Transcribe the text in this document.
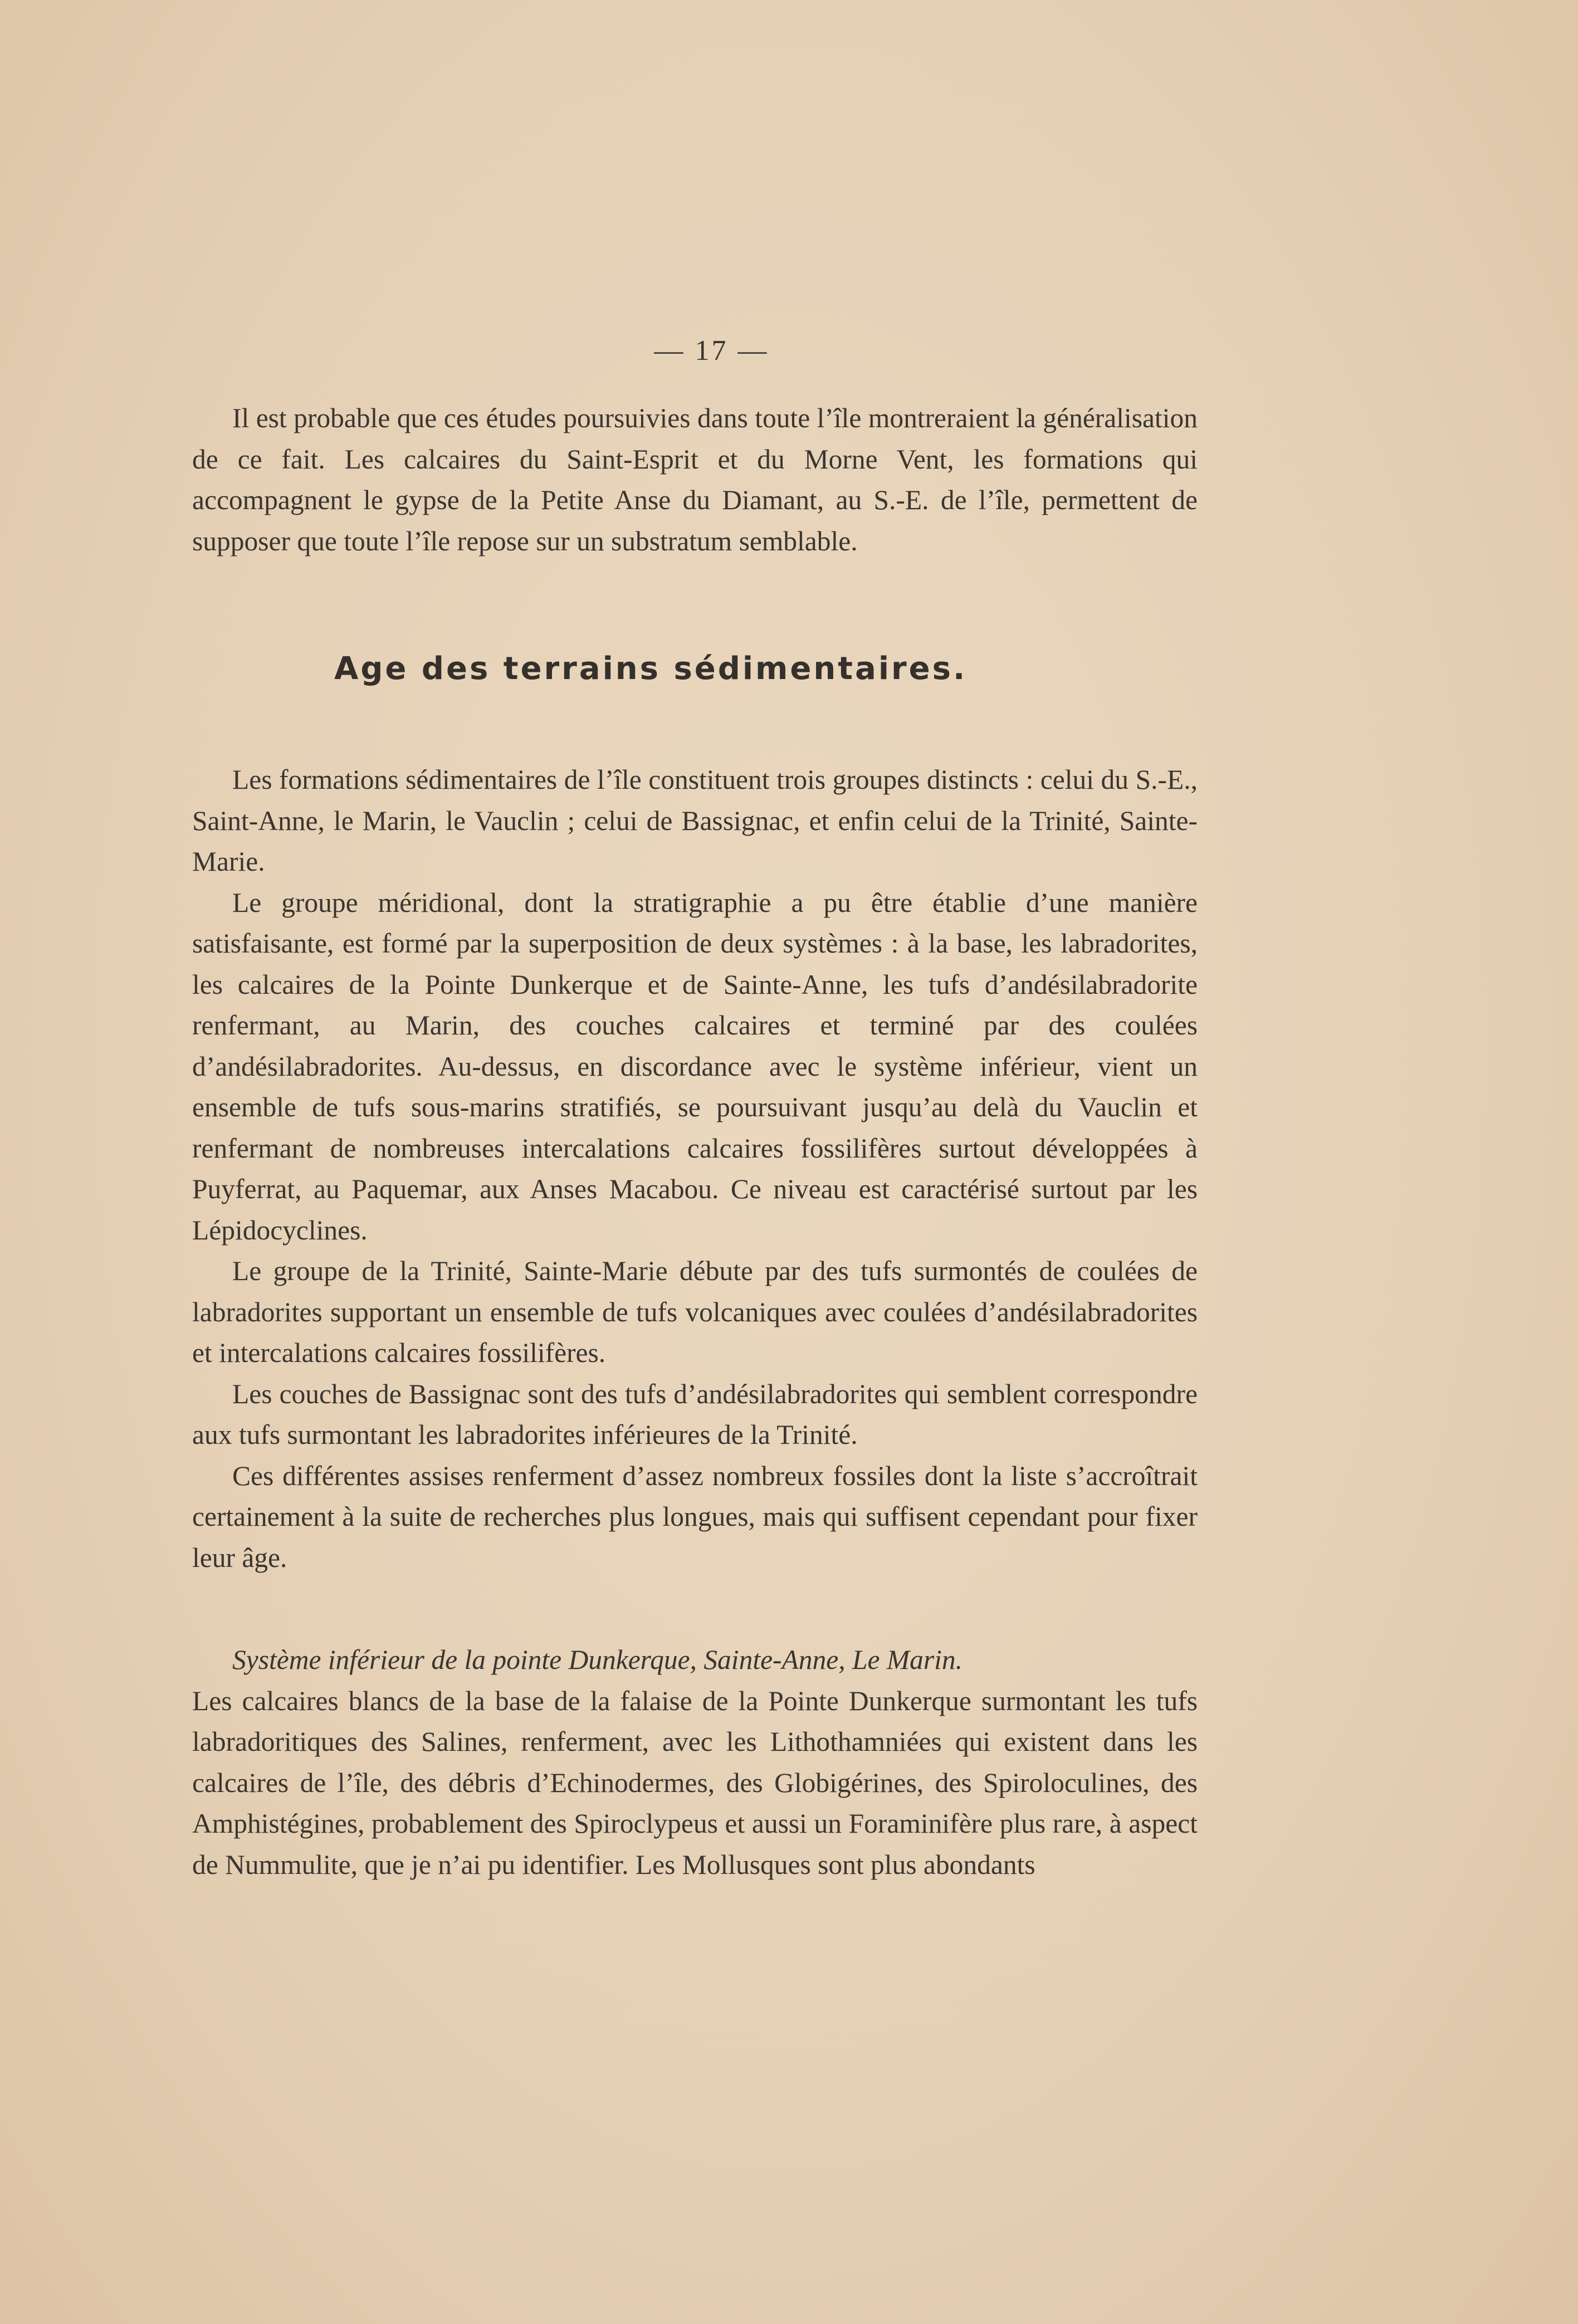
— 17 —

Il est probable que ces études poursuivies dans toute l’île montreraient la généralisation de ce fait. Les calcaires du Saint-Esprit et du Morne Vent, les formations qui accompagnent le gypse de la Petite Anse du Diamant, au S.-E. de l’île, permettent de supposer que toute l’île repose sur un substratum semblable.

Age des terrains sédimentaires.

Les formations sédimentaires de l’île constituent trois groupes distincts : celui du S.-E., Saint-Anne, le Marin, le Vauclin ; celui de Bassignac, et enfin celui de la Trinité, Sainte-Marie.

Le groupe méridional, dont la stratigraphie a pu être établie d’une manière satisfaisante, est formé par la superposition de deux systèmes : à la base, les labradorites, les calcaires de la Pointe Dunkerque et de Sainte-Anne, les tufs d’andésilabradorite renfermant, au Marin, des couches calcaires et terminé par des coulées d’andésilabradorites. Au-dessus, en discordance avec le système inférieur, vient un ensemble de tufs sous-marins stratifiés, se poursuivant jusqu’au delà du Vauclin et renfermant de nombreuses intercalations calcaires fossilifères surtout développées à Puyferrat, au Paquemar, aux Anses Macabou. Ce niveau est caractérisé surtout par les Lépidocyclines.

Le groupe de la Trinité, Sainte-Marie débute par des tufs surmontés de coulées de labradorites supportant un ensemble de tufs volcaniques avec coulées d’andésilabradorites et intercalations calcaires fossilifères.

Les couches de Bassignac sont des tufs d’andésilabradorites qui semblent correspondre aux tufs surmontant les labradorites inférieures de la Trinité.

Ces différentes assises renferment d’assez nombreux fossiles dont la liste s’accroîtrait certainement à la suite de recherches plus longues, mais qui suffisent cependant pour fixer leur âge.

Système inférieur de la pointe Dunkerque, Sainte-Anne, Le Marin.

Les calcaires blancs de la base de la falaise de la Pointe Dunkerque surmontant les tufs labradoritiques des Salines, renferment, avec les Lithothamniées qui existent dans les calcaires de l’île, des débris d’Echinodermes, des Globigérines, des Spiroloculines, des Amphistégines, probablement des Spiroclypeus et aussi un Foraminifère plus rare, à aspect de Nummulite, que je n’ai pu identifier. Les Mollusques sont plus abondants
